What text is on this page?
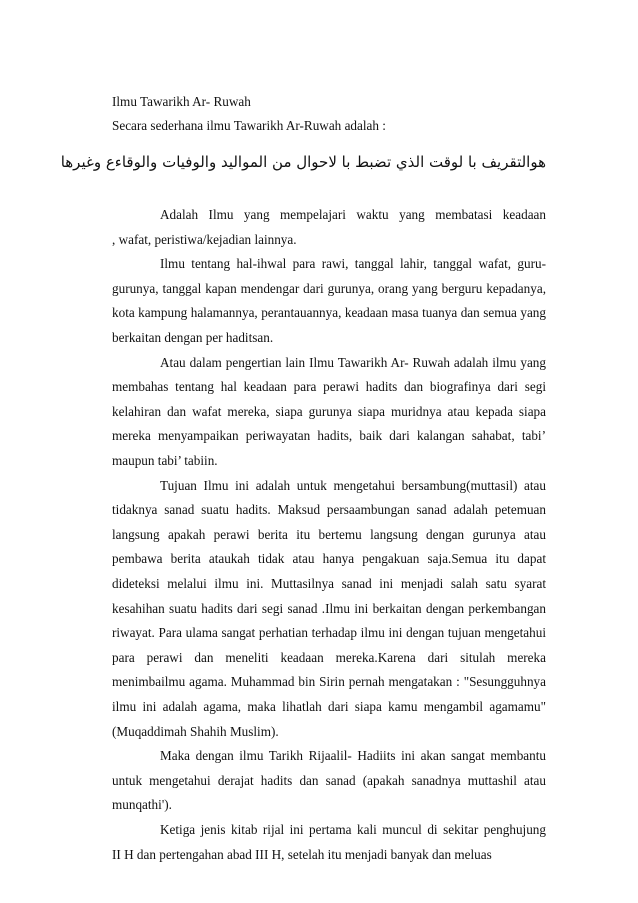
Ilmu Tawarikh Ar- Ruwah
Secara sederhana ilmu Tawarikh Ar-Ruwah adalah :
هوالتقريف با لوقت الذي تضبط با لاحوال من المواليد والوفيات والوقاءع وغيرها
Adalah Ilmu yang mempelajari waktu yang membatasi keadaan
, wafat, peristiwa/kejadian lainnya.
Ilmu tentang hal-ihwal para rawi, tanggal lahir, tanggal wafat, guru-
gurunya, tanggal kapan mendengar dari gurunya, orang yang berguru kepadanya,
kota kampung halamannya, perantauannya, keadaan masa tuanya dan semua yang
berkaitan dengan per haditsan.
Atau dalam pengertian lain Ilmu Tawarikh Ar- Ruwah adalah ilmu yang
membahas tentang hal keadaan para perawi hadits dan biografinya dari segi
kelahiran dan wafat mereka, siapa gurunya siapa muridnya atau kepada siapa
mereka menyampaikan periwayatan hadits, baik dari kalangan sahabat, tabi’
maupun tabi’ tabiin.
Tujuan Ilmu ini adalah untuk mengetahui bersambung(muttasil) atau
tidaknya sanad suatu hadits. Maksud persaambungan sanad adalah petemuan
langsung apakah perawi berita itu bertemu langsung dengan gurunya atau
pembawa berita ataukah tidak atau hanya pengakuan saja.Semua itu dapat
dideteksi melalui ilmu ini. Muttasilnya sanad ini menjadi salah satu syarat
kesahihan suatu hadits dari segi sanad .Ilmu ini berkaitan dengan perkembangan
riwayat. Para ulama sangat perhatian terhadap ilmu ini dengan tujuan mengetahui
para perawi dan meneliti keadaan mereka.Karena dari situlah mereka
menimbailmu agama. Muhammad bin Sirin pernah mengatakan : "Sesungguhnya
ilmu ini adalah agama, maka lihatlah dari siapa kamu mengambil agamamu"
(Muqaddimah Shahih Muslim).
Maka dengan ilmu Tarikh Rijaalil- Hadiits ini akan sangat membantu
untuk mengetahui derajat hadits dan sanad (apakah sanadnya muttashil atau
munqathi').
Ketiga jenis kitab rijal ini pertama kali muncul di sekitar penghujung
II H dan pertengahan abad III H, setelah itu menjadi banyak dan meluas
